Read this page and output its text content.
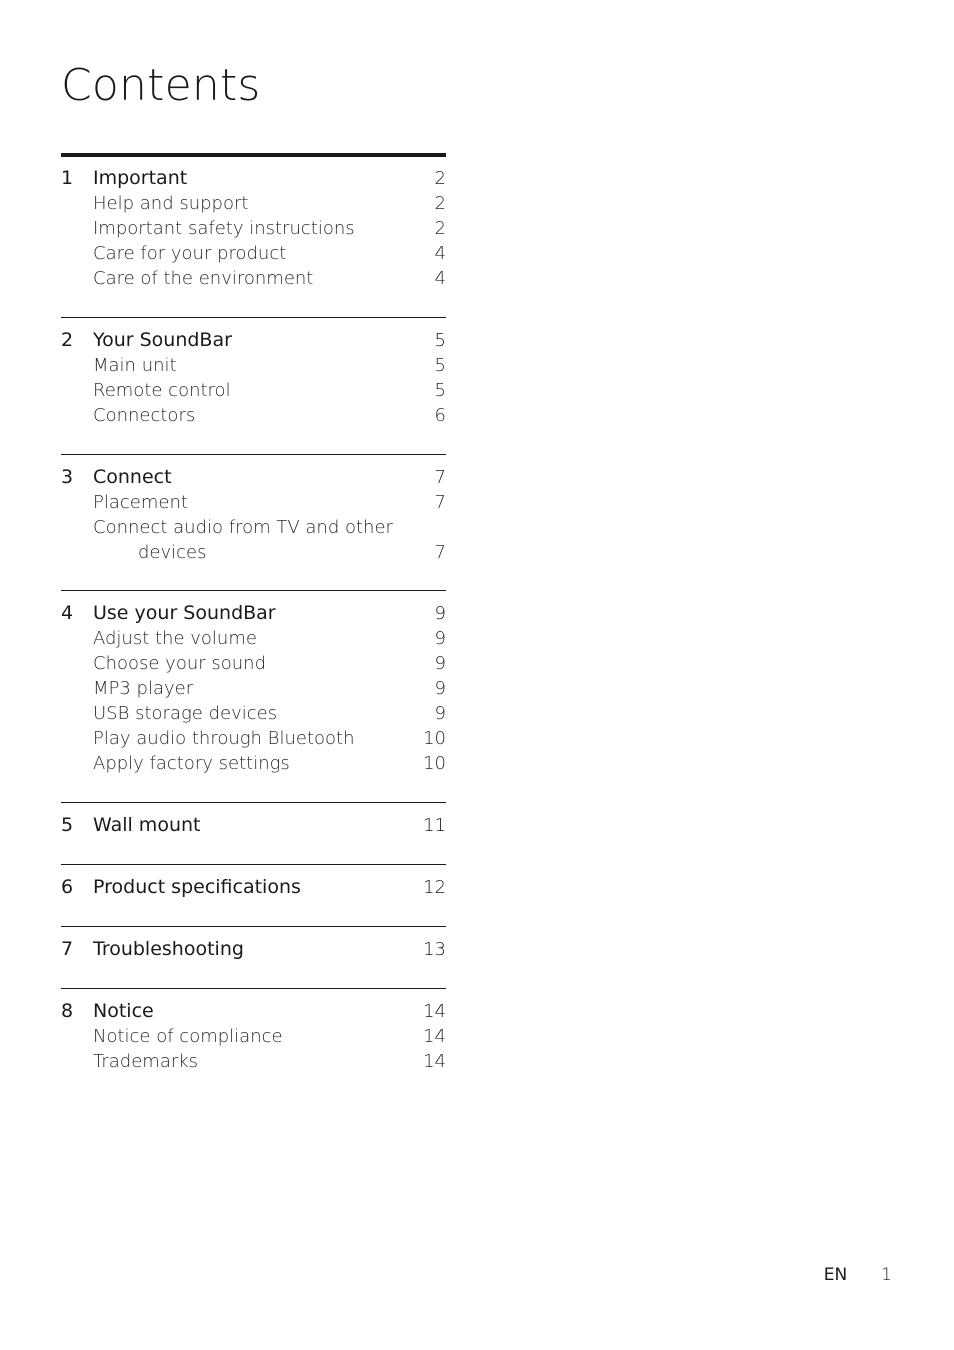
Contents
1	Important	2
Help and support	2
Important safety instructions	2
Care for your product	4
Care of the environment	4
2	Your SoundBar	5
Main unit	5
Remote control	5
Connectors	6
3	Connect	7
Placement	7
Connect audio from TV and other
devices	7
4	Use your SoundBar	9
Adjust the volume	9
Choose your sound	9
MP3 player	9
USB storage devices	9
Play audio through Bluetooth	10
Apply factory settings	10
5	Wall mount	11
6	Product specifications	12
7	Troubleshooting	13
8	Notice	14
Notice of compliance	14
Trademarks	14
EN 1
